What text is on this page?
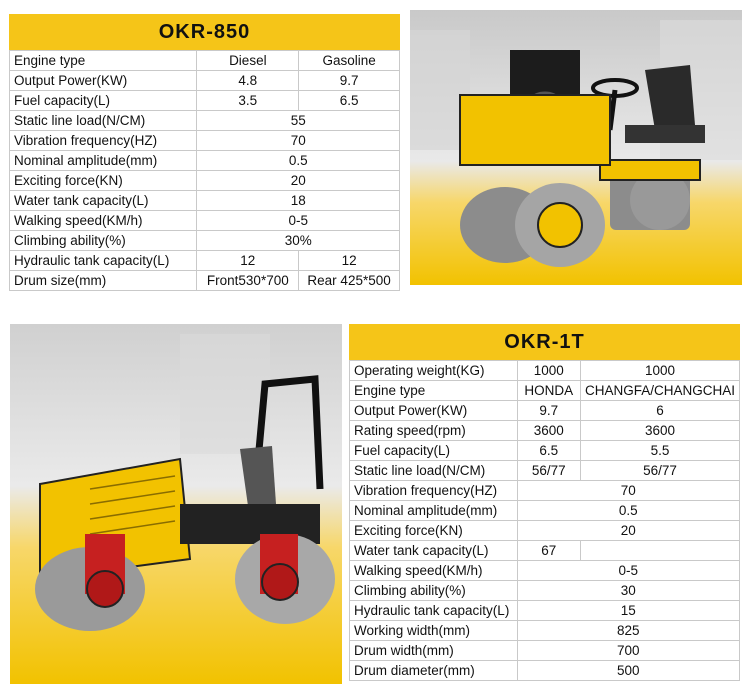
OKR-850
Engine type	Diesel	Gasoline
Output Power(KW)	4.8	9.7
Fuel capacity(L)	3.5	6.5
Static line load(N/CM)	55	
Vibration frequency(HZ)	70	
Nominal amplitude(mm)	0.5	
Exciting force(KN)	20	
Water tank capacity(L)	18	
Walking speed(KM/h)	0-5	
Climbing ability(%)	30%	
Hydraulic tank capacity(L)	12	12
Drum size(mm)	Front530*700	Rear 425*500
OKR-1T
Operating weight(KG)	1000	1000
Engine type	HONDA	CHANGFA/CHANGCHAI
Output Power(KW)	9.7	6
Rating speed(rpm)	3600	3600
Fuel capacity(L)	6.5	5.5
Static line load(N/CM)	56/77	56/77
Vibration frequency(HZ)	70	
Nominal amplitude(mm)	0.5	
Exciting force(KN)	20	
Water tank capacity(L)	67	
Walking speed(KM/h)	0-5	
Climbing ability(%)	30	
Hydraulic tank capacity(L)	15	
Working width(mm)	825	
Drum width(mm)	700	
Drum diameter(mm)	500	
